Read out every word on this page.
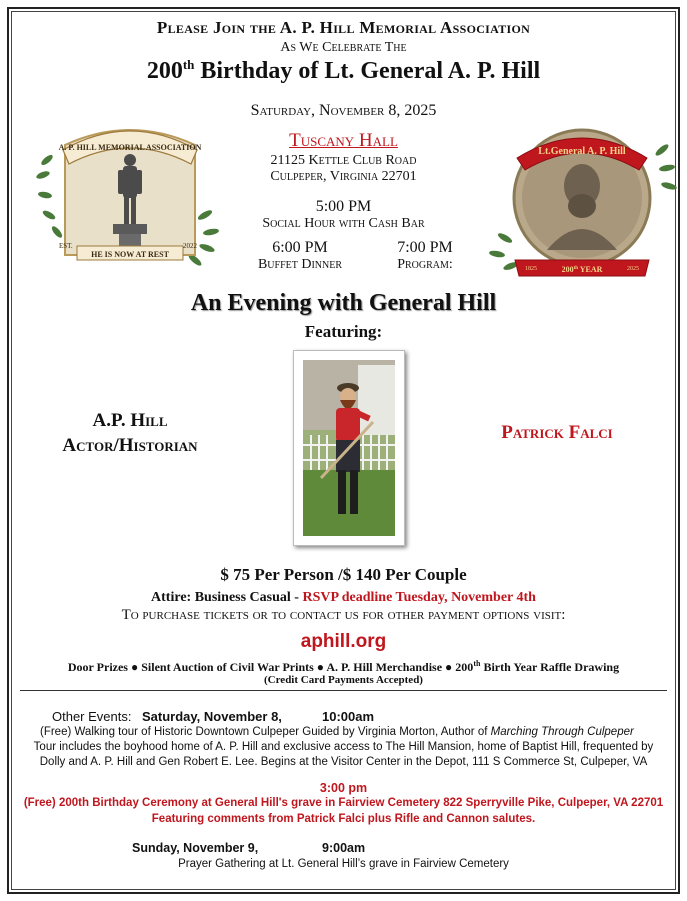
Please Join the A. P. Hill Memorial Association
As We Celebrate The
200th Birthday of Lt. General A. P. Hill
Saturday, November 8, 2025
Tuscany Hall
21125 Kettle Club Road
Culpeper, Virginia 22701
5:00 PM
Social Hour with Cash Bar
6:00 PM
Buffet Dinner
7:00 PM
Program:
A. P. HILL MEMORIAL ASSOCIATION
HE IS NOW AT REST
EST.	2022
Lt.General A. P. Hill
200th YEAR
1825	2025
An Evening with General Hill
Featuring:
A.P. Hill
Actor/Historian
Patrick Falci
$ 75 Per Person /$ 140 Per Couple
Attire: Business Casual - RSVP deadline Tuesday, November 4th
To purchase tickets or to contact us for other payment options visit:
aphill.org
Door Prizes ● Silent Auction of Civil War Prints ● A. P. Hill Merchandise ● 200th Birth Year Raffle Drawing
(Credit Card Payments Accepted)
Other Events: Saturday, November 8,	10:00am
(Free) Walking tour of Historic Downtown Culpeper Guided by Virginia Morton, Author of Marching Through Culpeper
Tour includes the boyhood home of A. P. Hill and exclusive access to The Hill Mansion, home of Baptist Hill, frequented by
Dolly and A. P. Hill and Gen Robert E. Lee. Begins at the Visitor Center in the Depot, 111 S Commerce St, Culpeper, VA
3:00 pm
(Free) 200th Birthday Ceremony at General Hill's grave in Fairview Cemetery 822 Sperryville Pike, Culpeper, VA 22701
Featuring comments from Patrick Falci plus Rifle and Cannon salutes.
Sunday, November 9,	9:00am
Prayer Gathering at Lt. General Hill’s grave in Fairview Cemetery
